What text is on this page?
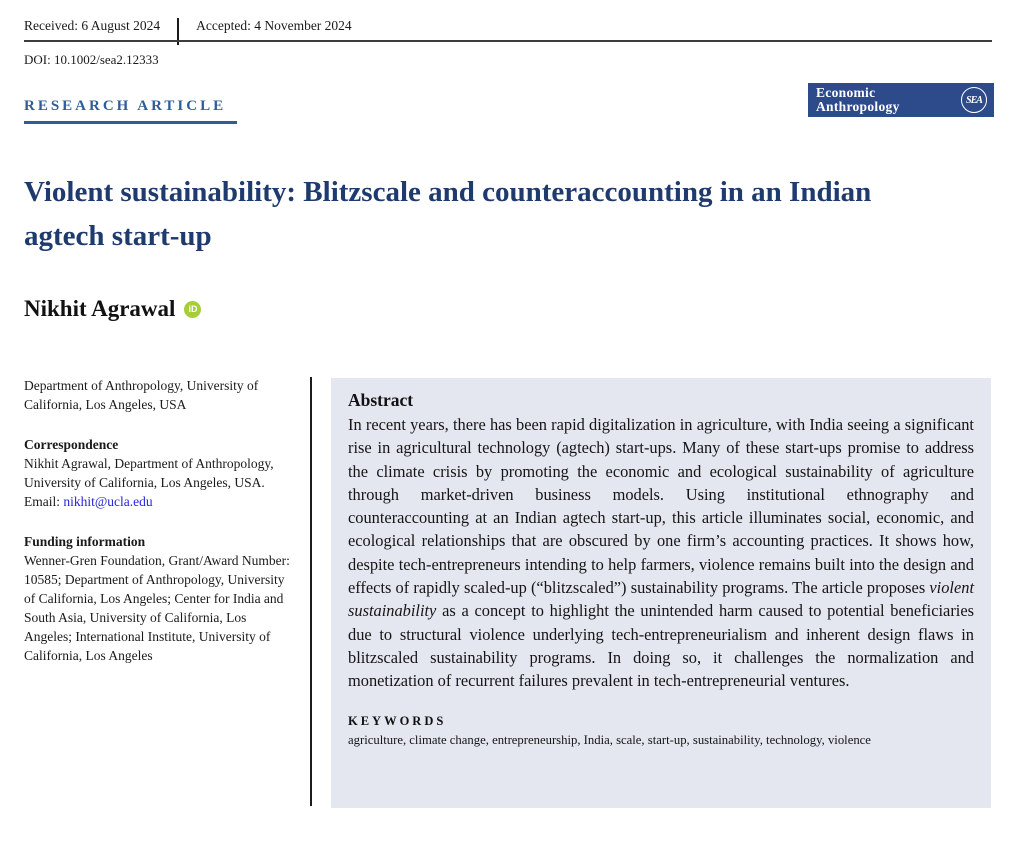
Received: 6 August 2024	Accepted: 4 November 2024
DOI: 10.1002/sea2.12333
RESEARCH ARTICLE
Economic
Anthropology	SEA
Violent sustainability: Blitzscale and counteraccounting in an Indian agtech start-up
Nikhit Agrawal	iD
Department of Anthropology, University of California, Los Angeles, USA
Correspondence
Nikhit Agrawal, Department of Anthropology, University of California, Los Angeles, USA.
Email: nikhit@ucla.edu
Funding information
Wenner-Gren Foundation, Grant/Award Number: 10585; Department of Anthropology, University of California, Los Angeles; Center for India and South Asia, University of California, Los Angeles; International Institute, University of California, Los Angeles
Abstract

In recent years, there has been rapid digitalization in agriculture, with India seeing a significant rise in agricultural technology (agtech) start-ups. Many of these start-ups promise to address the climate crisis by promoting the economic and ecological sustainability of agriculture through market-driven business models. Using institutional ethnography and counteraccounting at an Indian agtech start-up, this article illuminates social, economic, and ecological relationships that are obscured by one firm’s accounting practices. It shows how, despite tech-entrepreneurs intending to help farmers, violence remains built into the design and effects of rapidly scaled-up (“blitzscaled”) sustainability programs. The article proposes violent sustainability as a concept to highlight the unintended harm caused to potential beneficiaries due to structural violence underlying tech-entrepreneurialism and inherent design flaws in blitzscaled sustainability programs. In doing so, it challenges the normalization and monetization of recurrent failures prevalent in tech-entrepreneurial ventures.

KEYWORDS
agriculture, climate change, entrepreneurship, India, scale, start-up, sustainability, technology, violence
